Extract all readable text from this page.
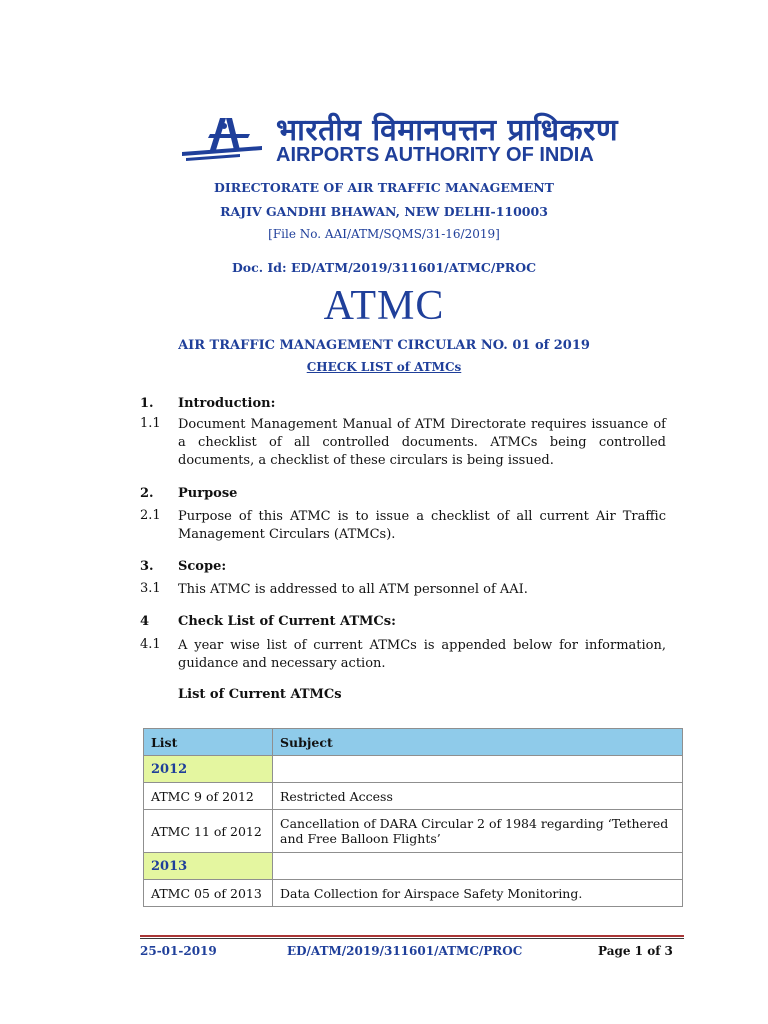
भारतीय विमानपत्तन प्राधिकरण
AIRPORTS AUTHORITY OF INDIA
DIRECTORATE OF AIR TRAFFIC MANAGEMENT
RAJIV GANDHI BHAWAN, NEW DELHI-110003
[File No. AAI/ATM/SQMS/31-16/2019]
Doc. Id: ED/ATM/2019/311601/ATMC/PROC
ATMC
AIR TRAFFIC MANAGEMENT CIRCULAR NO. 01 of 2019
CHECK LIST of ATMCs
1. Introduction:
1.1 Document Management Manual of ATM Directorate requires issuance of a checklist of all controlled documents. ATMCs being controlled documents, a checklist of these circulars is being issued.
2. Purpose
2.1 Purpose of this ATMC is to issue a checklist of all current Air Traffic Management Circulars (ATMCs).
3. Scope:
3.1 This ATMC is addressed to all ATM personnel of AAI.
4 Check List of Current ATMCs:
4.1 A year wise list of current ATMCs is appended below for information, guidance and necessary action.
List of Current ATMCs
List	Subject
2012	
ATMC 9 of 2012	Restricted Access
ATMC 11 of 2012	Cancellation of DARA Circular 2 of 1984 regarding ‘Tethered and Free Balloon Flights’
2013	
ATMC 05 of 2013	Data Collection for Airspace Safety Monitoring.
25-01-2019	ED/ATM/2019/311601/ATMC/PROC	Page 1 of 3
